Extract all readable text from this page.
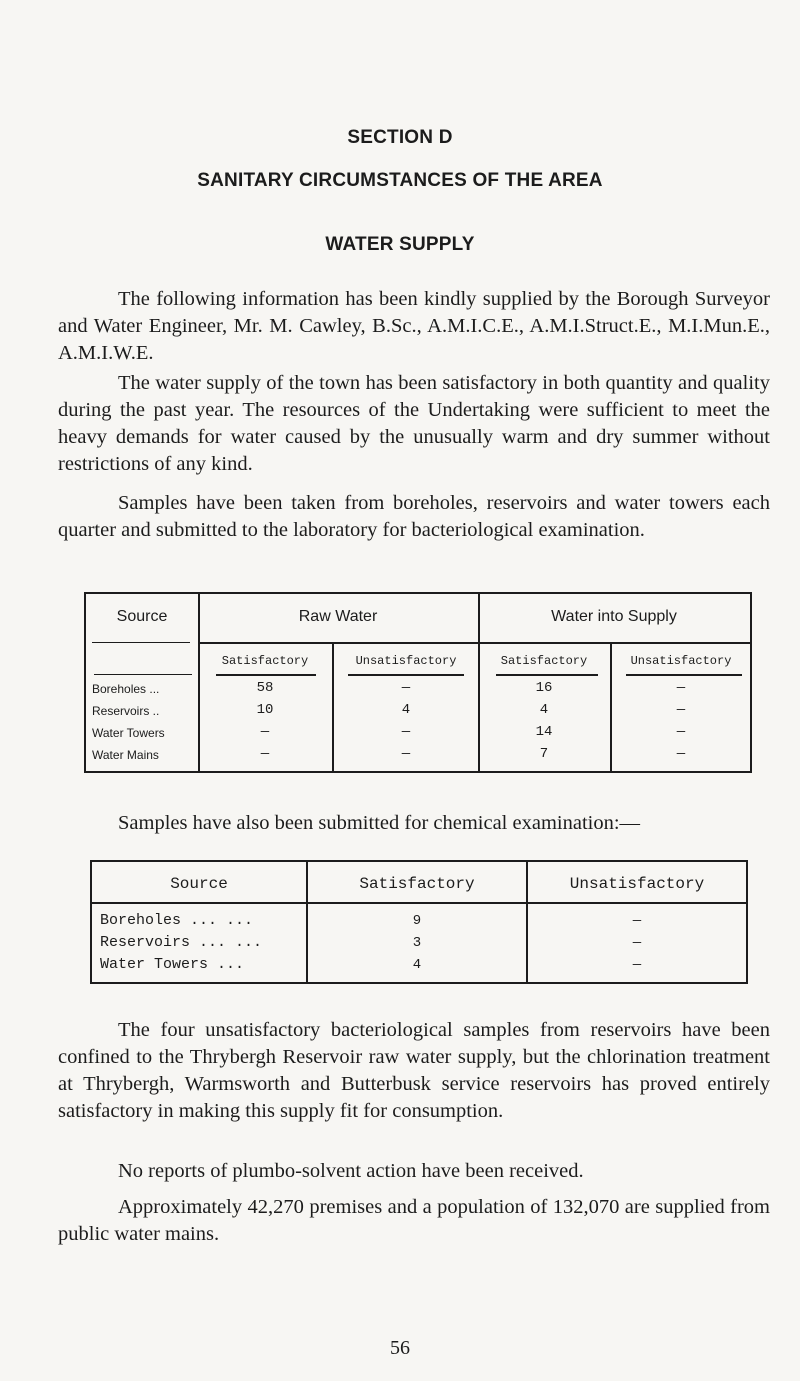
SECTION D
SANITARY CIRCUMSTANCES OF THE AREA
WATER SUPPLY
The following information has been kindly supplied by the Borough Surveyor and Water Engineer, Mr. M. Cawley, B.Sc., A.M.I.C.E., A.M.I.Struct.E., M.I.Mun.E., A.M.I.W.E.
The water supply of the town has been satisfactory in both quantity and quality during the past year. The resources of the Undertaking were sufficient to meet the heavy demands for water caused by the unusually warm and dry summer without restrictions of any kind.
Samples have been taken from boreholes, reservoirs and water towers each quarter and submitted to the laboratory for bacteriological examination.
Source	Raw Water	Water into Supply
Satisfactory	Unsatisfactory	Satisfactory	Unsatisfactory
Boreholes ...	58	—	16	—
Reservoirs ..	10	4	4	—
Water Towers	—	—	14	—
Water Mains	—	—	7	—
Samples have also been submitted for chemical examination:—
Source	Satisfactory	Unsatisfactory
Boreholes ... ...	9	—
Reservoirs ... ...	3	—
Water Towers ...	4	—
The four unsatisfactory bacteriological samples from reservoirs have been confined to the Thrybergh Reservoir raw water supply, but the chlorination treatment at Thrybergh, Warmsworth and Butterbusk service reservoirs has proved entirely satisfactory in making this supply fit for consumption.
No reports of plumbo-solvent action have been received.
Approximately 42,270 premises and a population of 132,070 are supplied from public water mains.
56
